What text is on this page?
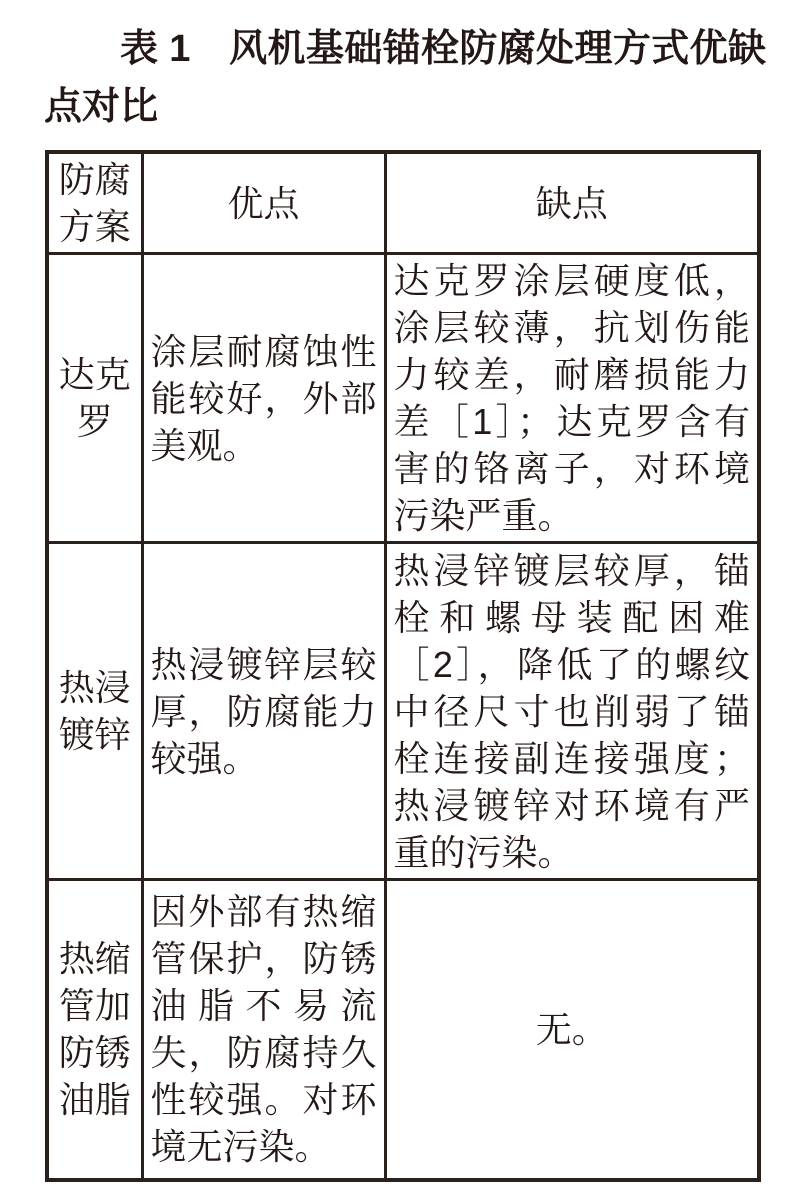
表 1　风机基础锚栓防腐处理方式优缺点对比
防腐方案	优点	缺点
达克罗	涂层耐腐蚀性能较好，外部美观。	达克罗涂层硬度低，涂层较薄，抗划伤能力较差，耐磨损能力差［1］；达克罗含有害的铬离子，对环境污染严重。
热浸镀锌	热浸镀锌层较厚，防腐能力较强。	热浸锌镀层较厚，锚栓和螺母装配困难［2］，降低了的螺纹中径尺寸也削弱了锚栓连接副连接强度；热浸镀锌对环境有严重的污染。
热缩管加防锈油脂	因外部有热缩管保护，防锈油脂不易流失，防腐持久性较强。对环境无污染。	无。
